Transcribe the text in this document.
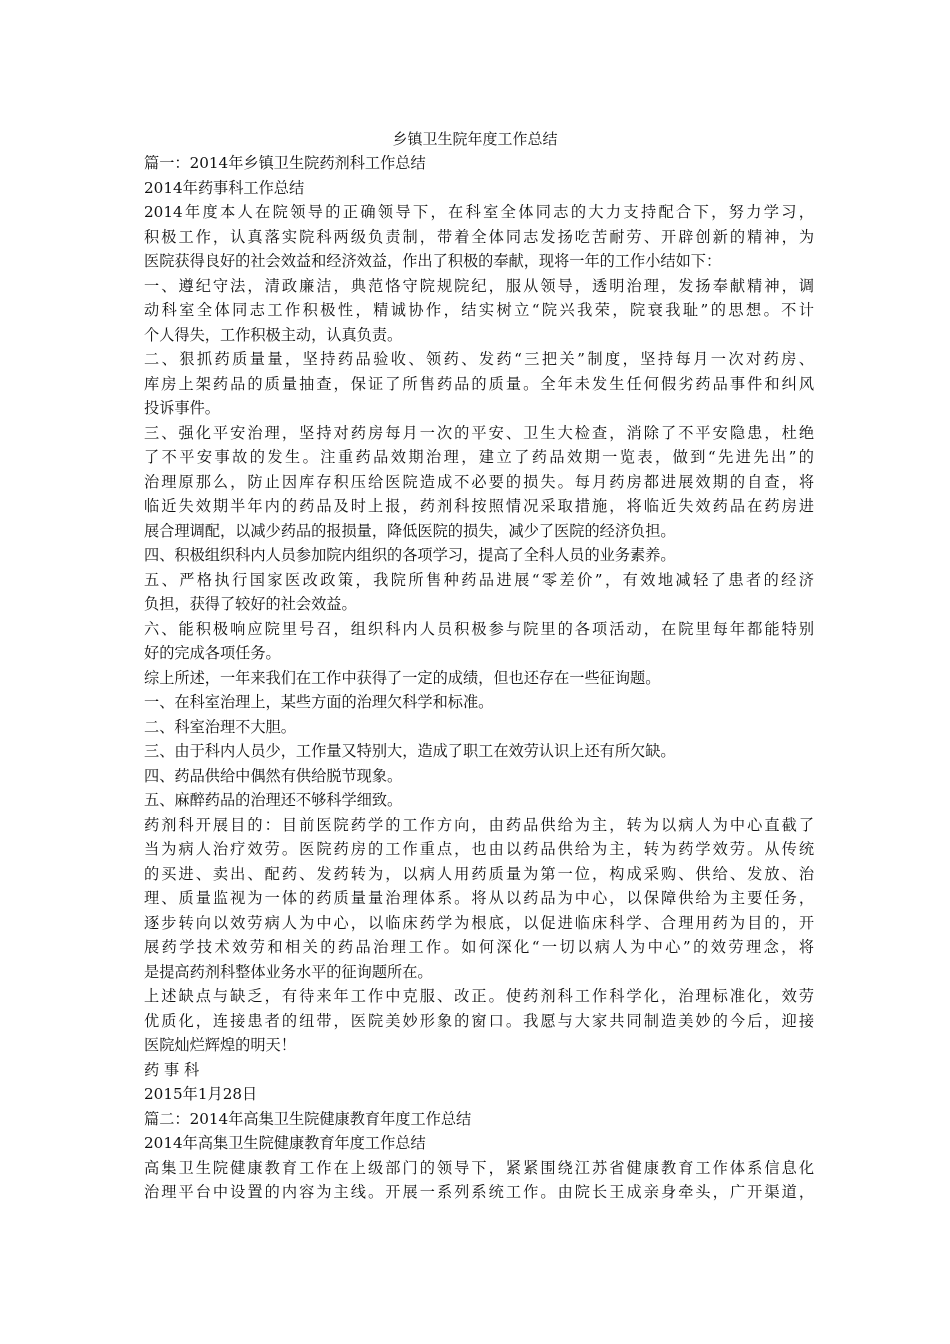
乡镇卫生院年度工作总结
篇一：2014年乡镇卫生院药剂科工作总结
2014年药事科工作总结
2014年度本人在院领导的正确领导下，在科室全体同志的大力支持配合下，努力学习，
积极工作，认真落实院科两级负责制，带着全体同志发扬吃苦耐劳、开辟创新的精神，为
医院获得良好的社会效益和经济效益，作出了积极的奉献，现将一年的工作小结如下：
一、遵纪守法，清政廉洁，典范恪守院规院纪，服从领导，透明治理，发扬奉献精神，调
动科室全体同志工作积极性，精诚协作，结实树立“院兴我荣，院衰我耻”的思想。不计
个人得失，工作积极主动，认真负责。
二、狠抓药质量量，坚持药品验收、领药、发药“三把关”制度，坚持每月一次对药房、
库房上架药品的质量抽查，保证了所售药品的质量。全年未发生任何假劣药品事件和纠风
投诉事件。
三、强化平安治理，坚持对药房每月一次的平安、卫生大检查，消除了不平安隐患，杜绝
了不平安事故的发生。注重药品效期治理，建立了药品效期一览表，做到“先进先出”的
治理原那么，防止因库存积压给医院造成不必要的损失。每月药房都进展效期的自查，将
临近失效期半年内的药品及时上报，药剂科按照情况采取措施，将临近失效药品在药房进
展合理调配，以减少药品的报损量，降低医院的损失，减少了医院的经济负担。
四、积极组织科内人员参加院内组织的各项学习，提高了全科人员的业务素养。
五、严格执行国家医改政策，我院所售种药品进展“零差价”，有效地减轻了患者的经济
负担，获得了较好的社会效益。
六、能积极响应院里号召，组织科内人员积极参与院里的各项活动，在院里每年都能特别
好的完成各项任务。
综上所述，一年来我们在工作中获得了一定的成绩，但也还存在一些征询题。
一、在科室治理上，某些方面的治理欠科学和标准。
二、科室治理不大胆。
三、由于科内人员少，工作量又特别大，造成了职工在效劳认识上还有所欠缺。
四、药品供给中偶然有供给脱节现象。
五、麻醉药品的治理还不够科学细致。
药剂科开展目的：目前医院药学的工作方向，由药品供给为主，转为以病人为中心直截了
当为病人治疗效劳。医院药房的工作重点，也由以药品供给为主，转为药学效劳。从传统
的买进、卖出、配药、发药转为，以病人用药质量为第一位，构成采购、供给、发放、治
理、质量监视为一体的药质量量治理体系。将从以药品为中心，以保障供给为主要任务，
逐步转向以效劳病人为中心，以临床药学为根底，以促进临床科学、合理用药为目的，开
展药学技术效劳和相关的药品治理工作。如何深化“一切以病人为中心”的效劳理念，将
是提高药剂科整体业务水平的征询题所在。
上述缺点与缺乏，有待来年工作中克服、改正。使药剂科工作科学化，治理标准化，效劳
优质化，连接患者的纽带，医院美妙形象的窗口。我愿与大家共同制造美妙的今后，迎接
医院灿烂辉煌的明天！
药 事 科
2015年1月28日
篇二：2014年高集卫生院健康教育年度工作总结
2014年高集卫生院健康教育年度工作总结
高集卫生院健康教育工作在上级部门的领导下，紧紧围绕江苏省健康教育工作体系信息化
治理平台中设置的内容为主线。开展一系列系统工作。由院长王成亲身牵头，广开渠道，
